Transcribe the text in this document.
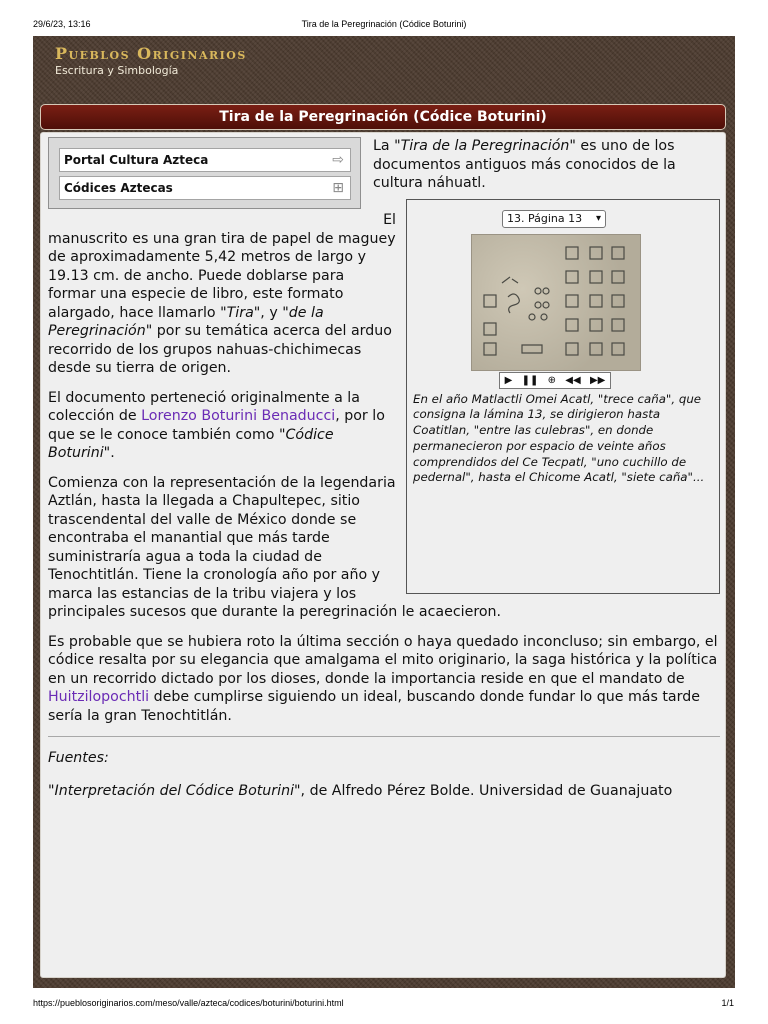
29/6/23, 13:16	Tira de la Peregrinación (Códice Boturini)
Pueblos Originarios
Escritura y Simbología
Tira de la Peregrinación (Códice Boturini)
Portal Cultura Azteca	⇨
Códices Aztecas	⊞

La "Tira de la Peregrinación" es uno de los documentos antiguos más conocidos de la cultura náhuatl.

13. Página 13 ▾
▶ ❚❚ ⊕ ◀◀ ▶▶
En el año Matlactli Omei Acatl, "trece caña", que consigna la lámina 13, se dirigieron hasta Coatitlan, "entre las culebras", en donde permanecieron por espacio de veinte años comprendidos del Ce Tecpatl, "uno cuchillo de pedernal", hasta el Chicome Acatl, "siete caña"...

El
manuscrito es una gran tira de papel de maguey de aproximadamente 5,42 metros de largo y 19.13 cm. de ancho. Puede doblarse para formar una especie de libro, este formato alargado, hace llamarlo "Tira", y "de la Peregrinación" por su temática acerca del arduo recorrido de los grupos nahuas-chichimecas desde su tierra de origen.

El documento perteneció originalmente a la colección de Lorenzo Boturini Benaducci, por lo que se le conoce también como "Códice Boturini".

Comienza con la representación de la legendaria Aztlán, hasta la llegada a Chapultepec, sitio trascendental del valle de México donde se encontraba el manantial que más tarde suministraría agua a toda la ciudad de Tenochtitlán. Tiene la cronología año por año y marca las estancias de la tribu viajera y los principales sucesos que durante la peregrinación le acaecieron.

Es probable que se hubiera roto la última sección o haya quedado inconcluso; sin embargo, el códice resalta por su elegancia que amalgama el mito originario, la saga histórica y la política en un recorrido dictado por los dioses, donde la importancia reside en que el mandato de Huitzilopochtli debe cumplirse siguiendo un ideal, buscando donde fundar lo que más tarde sería la gran Tenochtitlán.

Fuentes:

"Interpretación del Códice Boturini", de Alfredo Pérez Bolde. Universidad de Guanajuato

https://pueblosoriginarios.com/meso/valle/azteca/codices/boturini/boturini.html	1/1
